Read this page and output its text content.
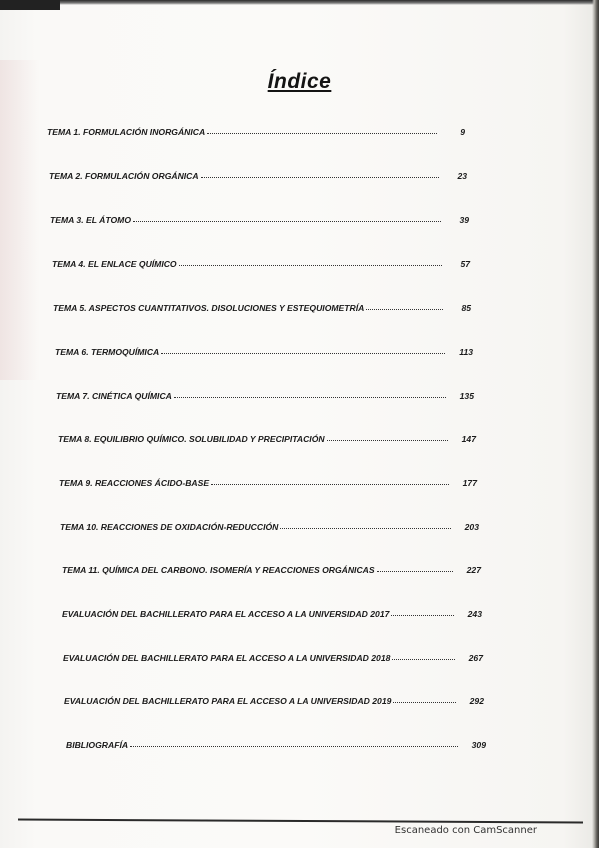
Índice
TEMA 1. FORMULACIÓN INORGÁNICA	9
TEMA 2. FORMULACIÓN ORGÁNICA	23
TEMA 3. EL ÁTOMO	39
TEMA 4. EL ENLACE QUÍMICO	57
TEMA 5. ASPECTOS CUANTITATIVOS. DISOLUCIONES Y ESTEQUIOMETRÍA	85
TEMA 6. TERMOQUÍMICA	113
TEMA 7. CINÉTICA QUÍMICA	135
TEMA 8. EQUILIBRIO QUÍMICO. SOLUBILIDAD Y PRECIPITACIÓN	147
TEMA 9. REACCIONES ÁCIDO-BASE	177
TEMA 10. REACCIONES DE OXIDACIÓN-REDUCCIÓN	203
TEMA 11. QUÍMICA DEL CARBONO. ISOMERÍA Y REACCIONES ORGÁNICAS	227
EVALUACIÓN DEL BACHILLERATO PARA EL ACCESO A LA UNIVERSIDAD 2017	243
EVALUACIÓN DEL BACHILLERATO PARA EL ACCESO A LA UNIVERSIDAD 2018	267
EVALUACIÓN DEL BACHILLERATO PARA EL ACCESO A LA UNIVERSIDAD 2019	292
BIBLIOGRAFÍA	309
Escaneado con CamScanner
